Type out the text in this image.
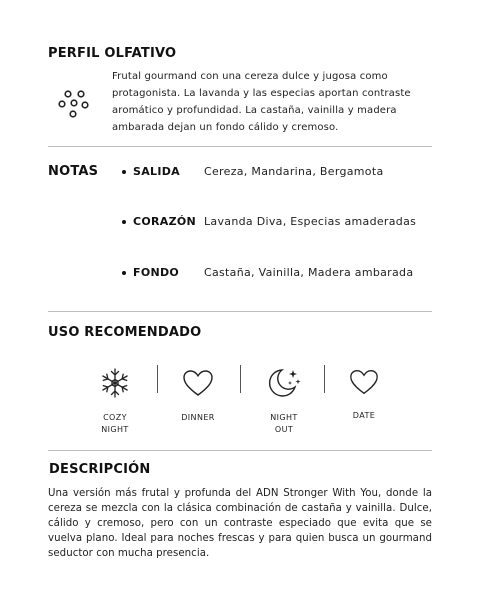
PERFIL OLFATIVO
Frutal gourmand con una cereza dulce y jugosa como protagonista. La lavanda y las especias aportan contraste aromático y profundidad. La castaña, vainilla y madera ambarada dejan un fondo cálido y cremoso.
NOTAS	SALIDA Cereza, Mandarina, Bergamota
CORAZÓN Lavanda Diva, Especias amaderadas
FONDO Castaña, Vainilla, Madera ambarada
USO RECOMENDADO
COZY
NIGHT
DINNER	NIGHT
OUT
DATE
DESCRIPCIÓN
Una versión más frutal y profunda del ADN Stronger With You, donde la cereza se mezcla con la clásica combinación de castaña y vainilla. Dulce, cálido y cremoso, pero con un contraste especiado que evita que se vuelva plano. Ideal para noches frescas y para quien busca un gourmand seductor con mucha presencia.
